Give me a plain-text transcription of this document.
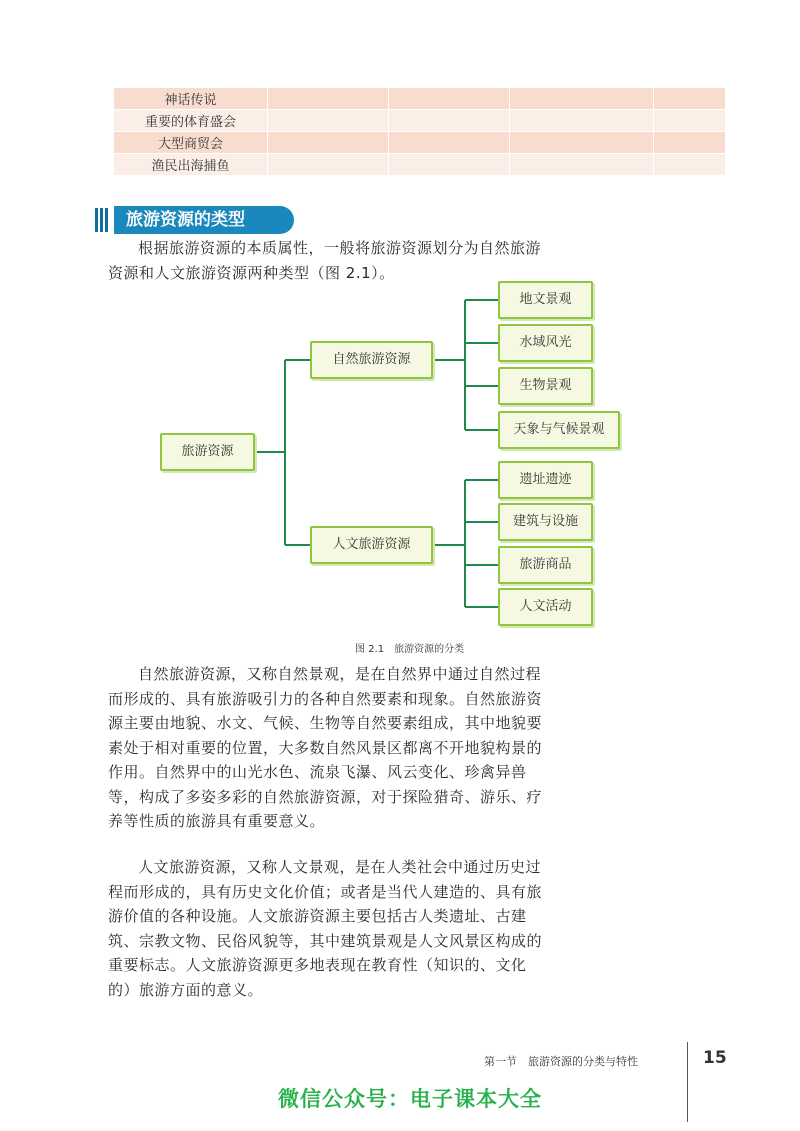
神话传说				
重要的体育盛会				
大型商贸会				
渔民出海捕鱼				
旅游资源的类型

根据旅游资源的本质属性，一般将旅游资源划分为自然旅游资源和人文旅游资源两种类型（图 2.1）。

旅游资源
自然旅游资源
人文旅游资源
地文景观
水域风光
生物景观
天象与气候景观
遗址遗迹
建筑与设施
旅游商品
人文活动
图 2.1　旅游资源的分类

自然旅游资源，又称自然景观，是在自然界中通过自然过程而形成的、具有旅游吸引力的各种自然要素和现象。自然旅游资源主要由地貌、水文、气候、生物等自然要素组成，其中地貌要素处于相对重要的位置，大多数自然风景区都离不开地貌构景的作用。自然界中的山光水色、流泉飞瀑、风云变化、珍禽异兽等，构成了多姿多彩的自然旅游资源，对于探险猎奇、游乐、疗养等性质的旅游具有重要意义。

人文旅游资源，又称人文景观，是在人类社会中通过历史过程而形成的，具有历史文化价值；或者是当代人建造的、具有旅游价值的各种设施。人文旅游资源主要包括古人类遗址、古建筑、宗教文物、民俗风貌等，其中建筑景观是人文风景区构成的重要标志。人文旅游资源更多地表现在教育性（知识的、文化的）旅游方面的意义。

第一节　旅游资源的分类与特性	15
微信公众号：电子课本大全
